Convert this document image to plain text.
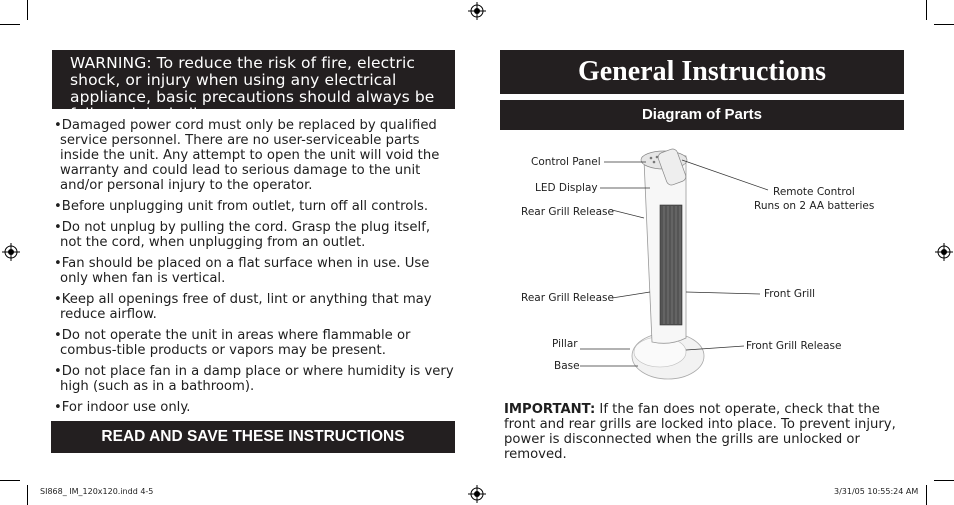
WARNING: To reduce the risk of fire, electric shock, or injury when using any electrical appliance, basic precautions should always be followed, including:

•Damaged power cord must only be replaced by qualified service personnel. There are no user-serviceable parts inside the unit. Any attempt to open the unit will void the warranty and could lead to serious damage to the unit and/or personal injury to the operator.

•Before unplugging unit from outlet, turn off all controls.

•Do not unplug by pulling the cord. Grasp the plug itself, not the cord, when unplugging from an outlet.

•Fan should be placed on a flat surface when in use. Use only when fan is vertical.

•Keep all openings free of dust, lint or anything that may reduce airflow.

•Do not operate the unit in areas where flammable or combus-tible products or vapors may be present.

•Do not place fan in a damp place or where humidity is very high (such as in a bathroom).

•For indoor use only.

READ AND SAVE THESE INSTRUCTIONS
General Instructions
Diagram of Parts
Control Panel
LED Display
Rear Grill Release
Rear Grill Release
Pillar
Base
Remote Control
Runs on 2 AA batteries
Front Grill
Front Grill Release

IMPORTANT: If the fan does not operate, check that the front and rear grills are locked into place. To prevent injury, power is disconnected when the grills are unlocked or removed.

SI868_ IM_120x120.indd 4-5	3/31/05 10:55:24 AM
